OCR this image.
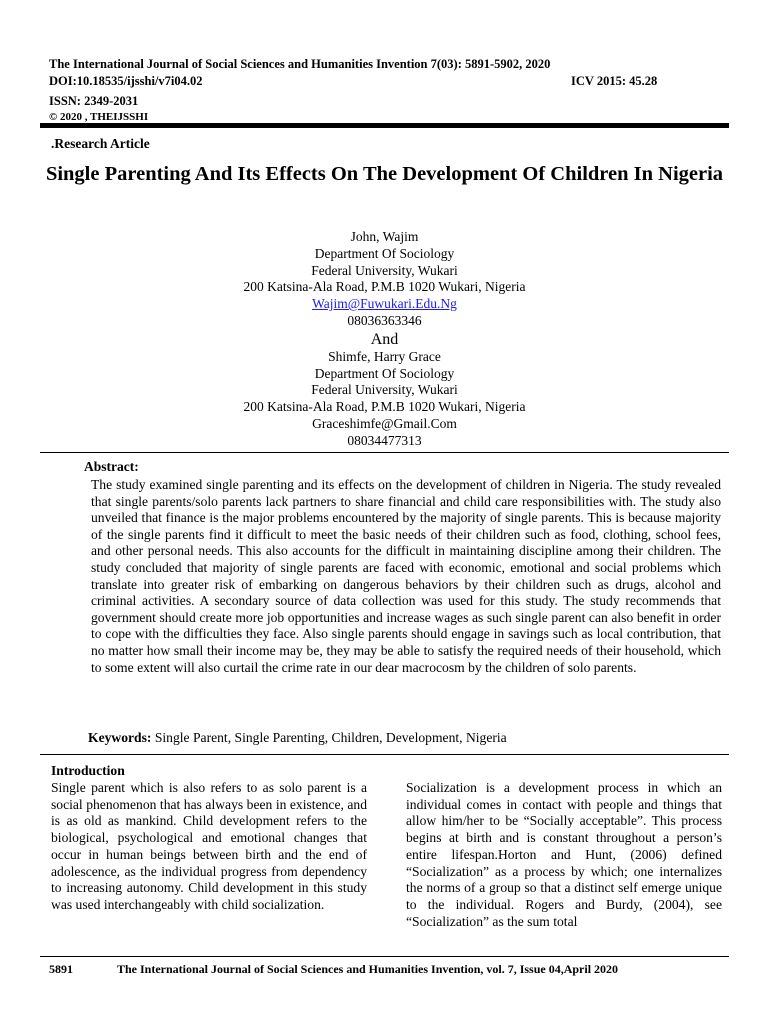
The International Journal of Social Sciences and Humanities Invention 7(03): 5891-5902, 2020
DOI:10.18535/ijsshi/v7i04.02	ICV 2015: 45.28
ISSN: 2349-2031
© 2020 , THEIJSSHI
.Research Article
Single Parenting And Its Effects On The Development Of Children In Nigeria
John, Wajim
Department Of Sociology
Federal University, Wukari
200 Katsina-Ala Road, P.M.B 1020 Wukari, Nigeria
Wajim@Fuwukari.Edu.Ng
08036363346
And
Shimfe, Harry Grace
Department Of Sociology
Federal University, Wukari
200 Katsina-Ala Road, P.M.B 1020 Wukari, Nigeria
Graceshimfe@Gmail.Com
08034477313
Abstract:
The study examined single parenting and its effects on the development of children in Nigeria. The study revealed that single parents/solo parents lack partners to share financial and child care responsibilities with. The study also unveiled that finance is the major problems encountered by the majority of single parents. This is because majority of the single parents find it difficult to meet the basic needs of their children such as food, clothing, school fees, and other personal needs. This also accounts for the difficult in maintaining discipline among their children. The study concluded that majority of single parents are faced with economic, emotional and social problems which translate into greater risk of embarking on dangerous behaviors by their children such as drugs, alcohol and criminal activities. A secondary source of data collection was used for this study. The study recommends that government should create more job opportunities and increase wages as such single parent can also benefit in order to cope with the difficulties they face. Also single parents should engage in savings such as local contribution, that no matter how small their income may be, they may be able to satisfy the required needs of their household, which to some extent will also curtail the crime rate in our dear macrocosm by the children of solo parents.
Keywords: Single Parent, Single Parenting, Children, Development, Nigeria
Introduction
Single parent which is also refers to as solo parent is a social phenomenon that has always been in existence, and is as old as mankind. Child development refers to the biological, psychological and emotional changes that occur in human beings between birth and the end of adolescence, as the individual progress from dependency to increasing autonomy. Child development in this study was used interchangeably with child socialization.
Socialization is a development process in which an individual comes in contact with people and things that allow him/her to be “Socially acceptable”. This process begins at birth and is constant throughout a person’s entire lifespan.Horton and Hunt, (2006) defined “Socialization” as a process by which; one internalizes the norms of a group so that a distinct self emerge unique to the individual. Rogers and Burdy, (2004), see “Socialization” as the sum total
5891	The International Journal of Social Sciences and Humanities Invention, vol. 7, Issue 04,April 2020
